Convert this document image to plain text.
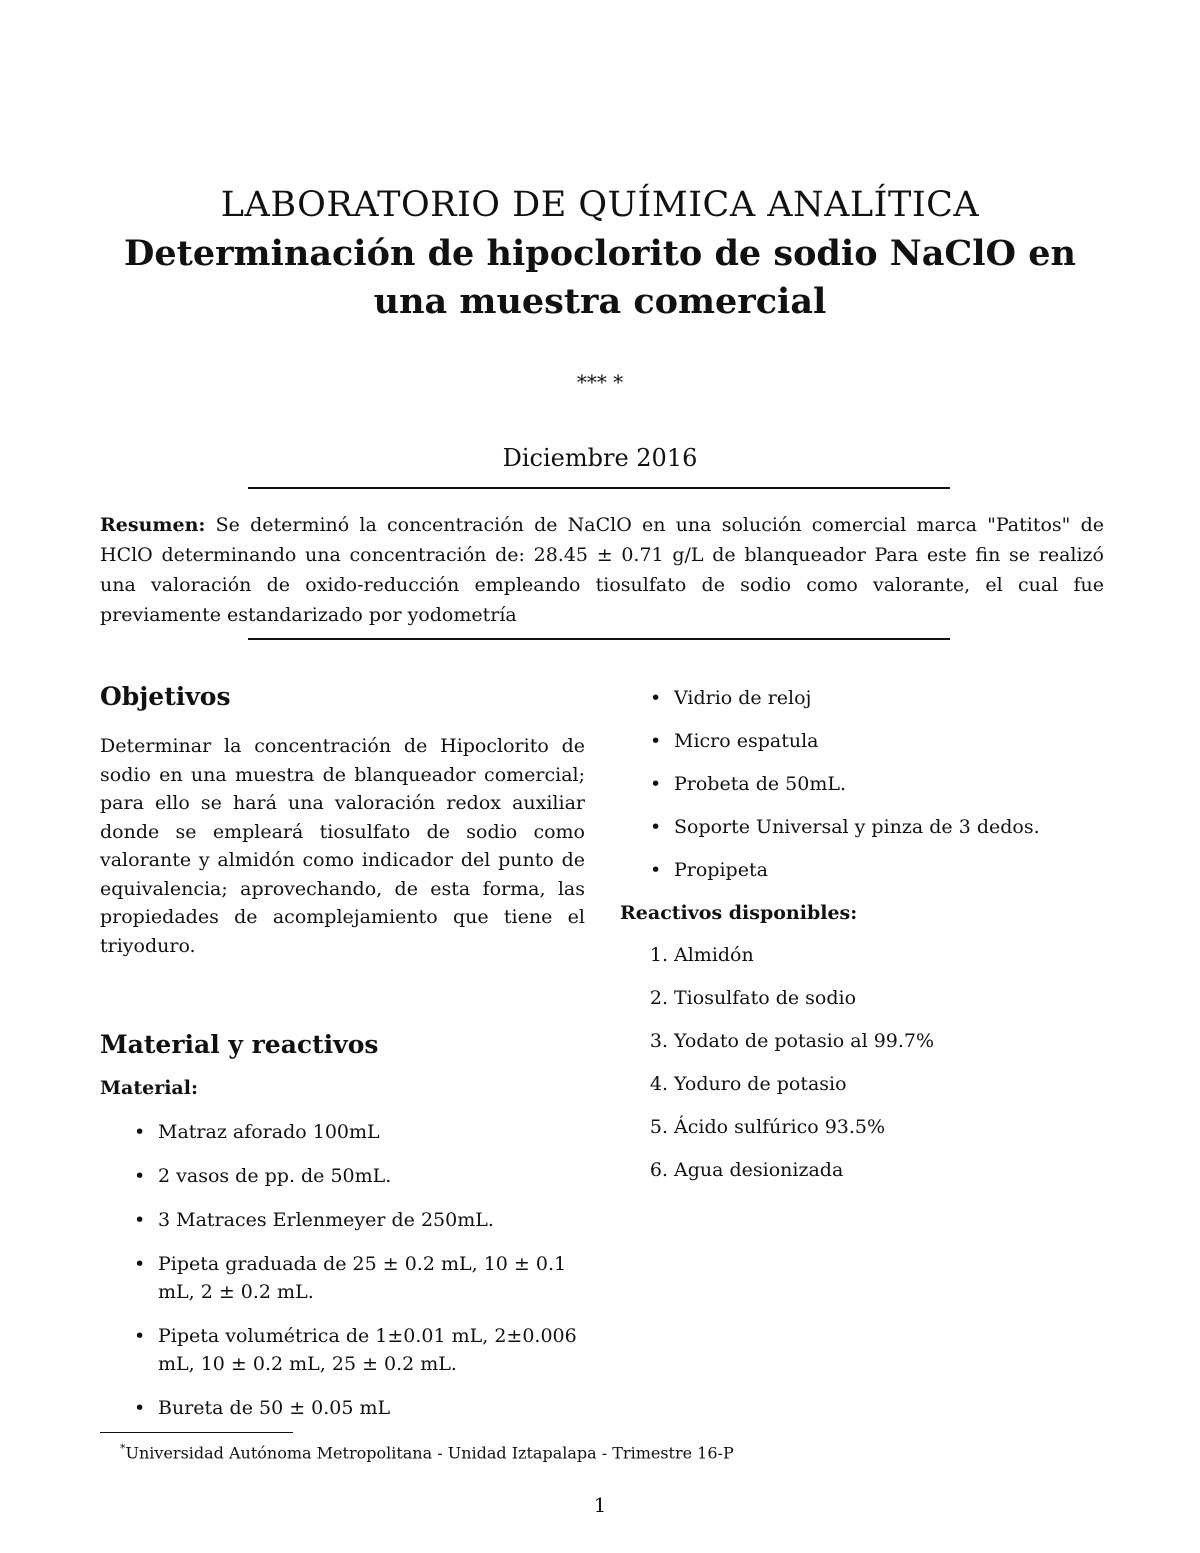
LABORATORIO DE QUÍMICA ANALÍTICA
Determinación de hipoclorito de sodio NaClO en
una muestra comercial
*** *
Diciembre 2016
Resumen: Se determinó la concentración de NaClO en una solución comercial marca "Patitos" de HClO determinando una concentración de: 28.45 ± 0.71 g/L de blanqueador Para este fin se realizó una valoración de oxido-reducción empleando tiosulfato de sodio como valorante, el cual fue previamente estandarizado por yodometría
Objetivos
Determinar la concentración de Hipoclorito de sodio en una muestra de blanqueador comercial; para ello se hará una valoración redox auxiliar donde se empleará tiosulfato de sodio como valorante y almidón como indicador del punto de equivalencia; aprovechando, de esta forma, las propiedades de acomplejamiento que tiene el triyoduro.
Material y reactivos
Material:
• Matraz aforado 100mL
• 2 vasos de pp. de 50mL.
• 3 Matraces Erlenmeyer de 250mL.
• Pipeta graduada de 25 ± 0.2 mL, 10 ± 0.1 mL, 2 ± 0.2 mL.
• Pipeta volumétrica de 1±0.01 mL, 2±0.006 mL, 10 ± 0.2 mL, 25 ± 0.2 mL.
• Bureta de 50 ± 0.05 mL
• Vidrio de reloj
• Micro espatula
• Probeta de 50mL.
• Soporte Universal y pinza de 3 dedos.
• Propipeta
Reactivos disponibles:
1. Almidón
2. Tiosulfato de sodio
3. Yodato de potasio al 99.7%
4. Yoduro de potasio
5. Ácido sulfúrico 93.5%
6. Agua desionizada
*Universidad Autónoma Metropolitana - Unidad Iztapalapa - Trimestre 16-P
1
